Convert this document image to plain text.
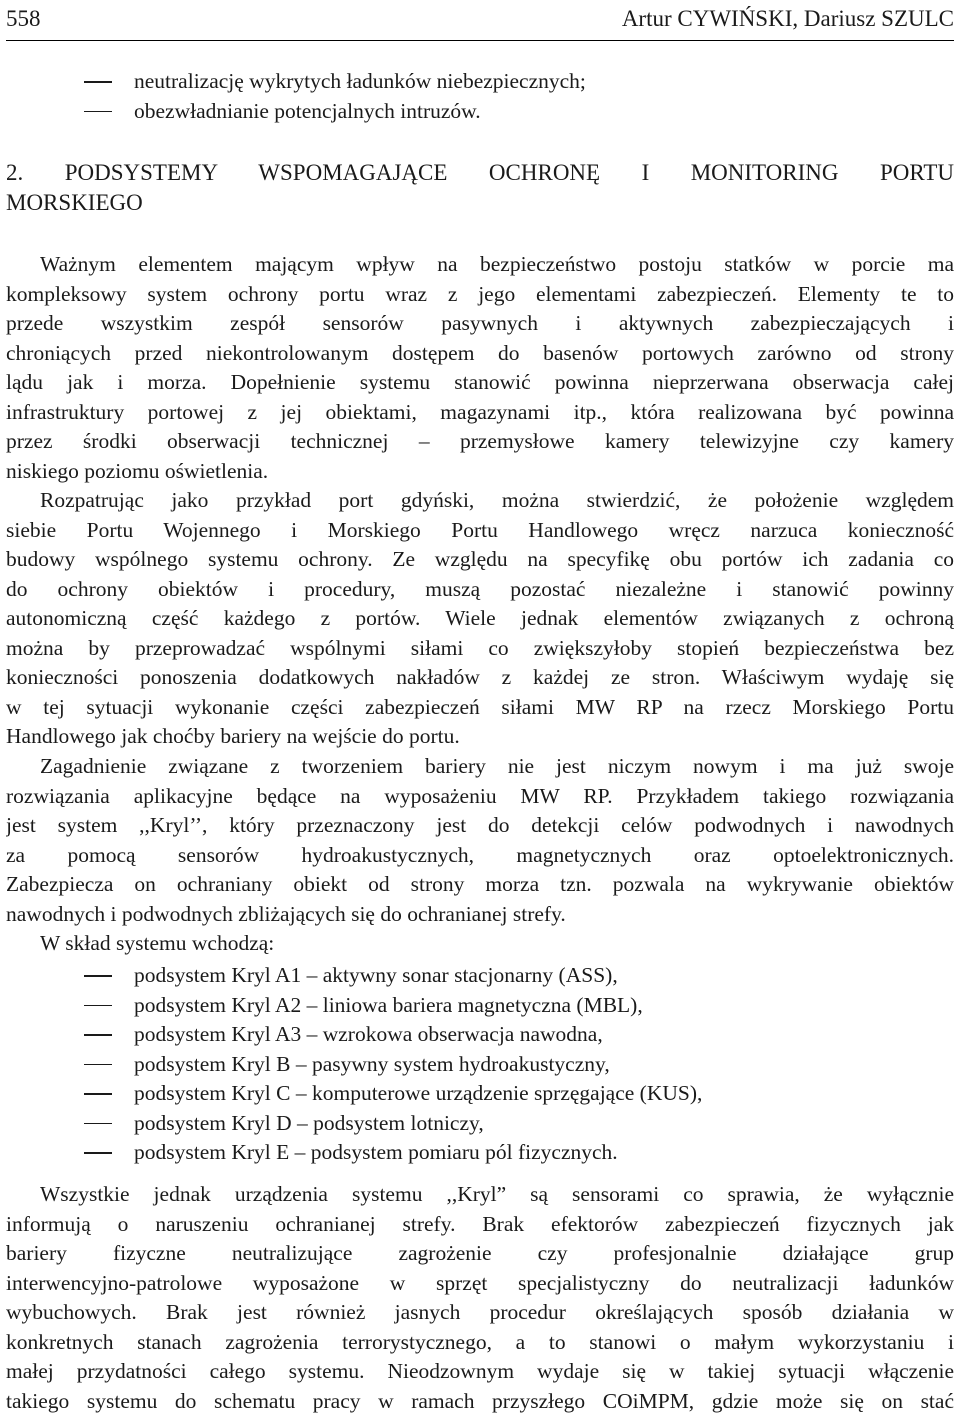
558	Artur CYWIŃSKI, Dariusz SZULC
neutralizację wykrytych ładunków niebezpiecznych;
obezwładnianie potencjalnych intruzów.
2. PODSYSTEMY WSPOMAGAJĄCE OCHRONĘ I MONITORING PORTU
MORSKIEGO
Ważnym elementem mającym wpływ na bezpieczeństwo postoju statków w porcie ma
kompleksowy system ochrony portu wraz z jego elementami zabezpieczeń. Elementy te to
przede wszystkim zespół sensorów pasywnych i aktywnych zabezpieczających i
chroniących przed niekontrolowanym dostępem do basenów portowych zarówno od strony
lądu jak i morza. Dopełnienie systemu stanowić powinna nieprzerwana obserwacja całej
infrastruktury portowej z jej obiektami, magazynami itp., która realizowana być powinna
przez środki obserwacji technicznej – przemysłowe kamery telewizyjne czy kamery
niskiego poziomu oświetlenia.
Rozpatrując jako przykład port gdyński, można stwierdzić, że położenie względem
siebie Portu Wojennego i Morskiego Portu Handlowego wręcz narzuca konieczność
budowy wspólnego systemu ochrony. Ze względu na specyfikę obu portów ich zadania co
do ochrony obiektów i procedury, muszą pozostać niezależne i stanowić powinny
autonomiczną część każdego z portów. Wiele jednak elementów związanych z ochroną
można by przeprowadzać wspólnymi siłami co zwiększyłoby stopień bezpieczeństwa bez
konieczności ponoszenia dodatkowych nakładów z każdej ze stron. Właściwym wydaję się
w tej sytuacji wykonanie części zabezpieczeń siłami MW RP na rzecz Morskiego Portu
Handlowego jak choćby bariery na wejście do portu.
Zagadnienie związane z tworzeniem bariery nie jest niczym nowym i ma już swoje
rozwiązania aplikacyjne będące na wyposażeniu MW RP. Przykładem takiego rozwiązania
jest system ,,Kryl’’, który przeznaczony jest do detekcji celów podwodnych i nawodnych
za pomocą sensorów hydroakustycznych, magnetycznych oraz optoelektronicznych.
Zabezpiecza on ochraniany obiekt od strony morza tzn. pozwala na wykrywanie obiektów
nawodnych i podwodnych zbliżających się do ochranianej strefy.
W skład systemu wchodzą:
podsystem Kryl A1 – aktywny sonar stacjonarny (ASS),
podsystem Kryl A2 – liniowa bariera magnetyczna (MBL),
podsystem Kryl A3 – wzrokowa obserwacja nawodna,
podsystem Kryl B – pasywny system hydroakustyczny,
podsystem Kryl C – komputerowe urządzenie sprzęgające (KUS),
podsystem Kryl D – podsystem lotniczy,
podsystem Kryl E – podsystem pomiaru pól fizycznych.
Wszystkie jednak urządzenia systemu ,,Kryl” są sensorami co sprawia, że wyłącznie
informują o naruszeniu ochranianej strefy. Brak efektorów zabezpieczeń fizycznych jak
bariery fizyczne neutralizujące zagrożenie czy profesjonalnie działające grup
interwencyjno-patrolowe wyposażone w sprzęt specjalistyczny do neutralizacji ładunków
wybuchowych. Brak jest również jasnych procedur określających sposób działania w
konkretnych stanach zagrożenia terrorystycznego, a to stanowi o małym wykorzystaniu i
małej przydatności całego systemu. Nieodzownym wydaje się w takiej sytuacji włączenie
takiego systemu do schematu pracy w ramach przyszłego COiMPM, gdzie może się on stać
